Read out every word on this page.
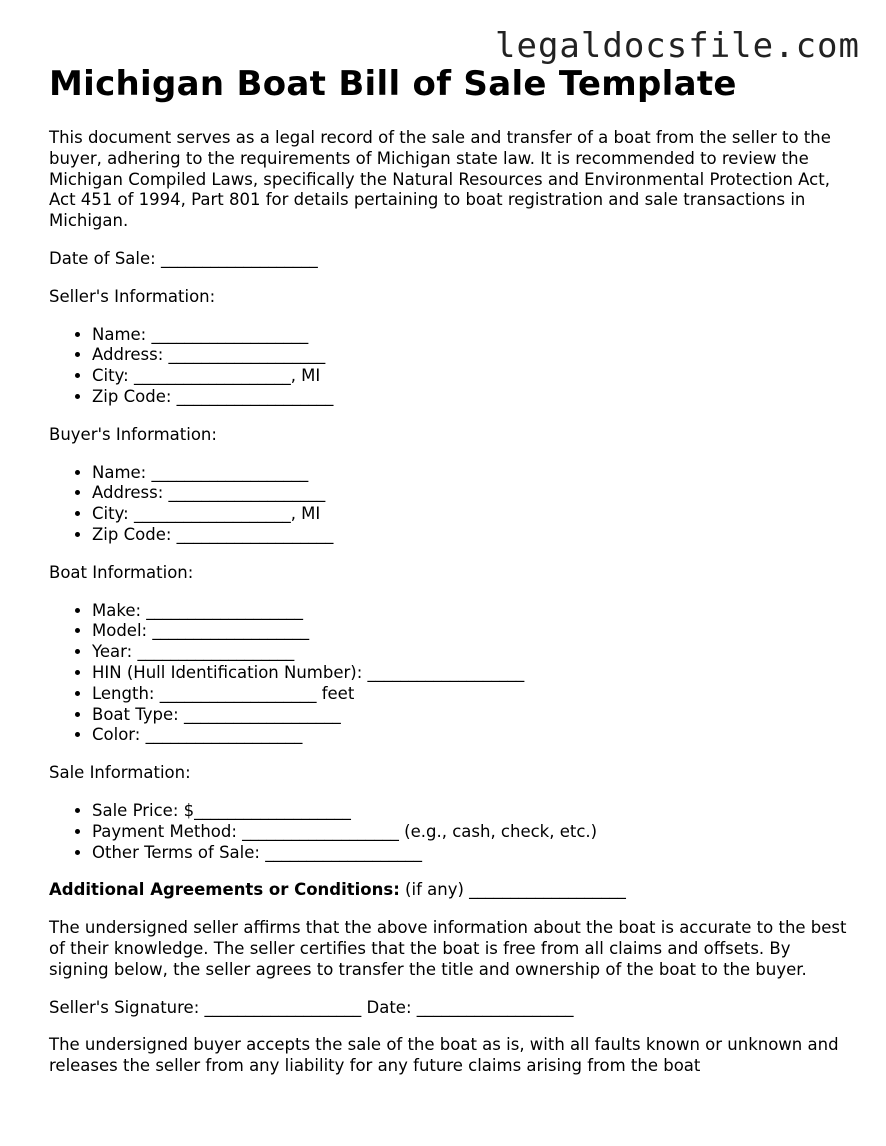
legaldocsfile.com
Michigan Boat Bill of Sale Template

This document serves as a legal record of the sale and transfer of a boat from the seller to the buyer, adhering to the requirements of Michigan state law. It is recommended to review the Michigan Compiled Laws, specifically the Natural Resources and Environmental Protection Act, Act 451 of 1994, Part 801 for details pertaining to boat registration and sale transactions in Michigan.

Date of Sale: ___________________

Seller's Information:

• Name: ___________________
• Address: ___________________
• City: ___________________, MI
• Zip Code: ___________________

Buyer's Information:

• Name: ___________________
• Address: ___________________
• City: ___________________, MI
• Zip Code: ___________________

Boat Information:

• Make: ___________________
• Model: ___________________
• Year: ___________________
• HIN (Hull Identification Number): ___________________
• Length: ___________________ feet
• Boat Type: ___________________
• Color: ___________________

Sale Information:

• Sale Price: $___________________
• Payment Method: ___________________ (e.g., cash, check, etc.)
• Other Terms of Sale: ___________________

Additional Agreements or Conditions: (if any) ___________________

The undersigned seller affirms that the above information about the boat is accurate to the best of their knowledge. The seller certifies that the boat is free from all claims and offsets. By signing below, the seller agrees to transfer the title and ownership of the boat to the buyer.

Seller's Signature: ___________________ Date: ___________________

The undersigned buyer accepts the sale of the boat as is, with all faults known or unknown and releases the seller from any liability for any future claims arising from the boat
